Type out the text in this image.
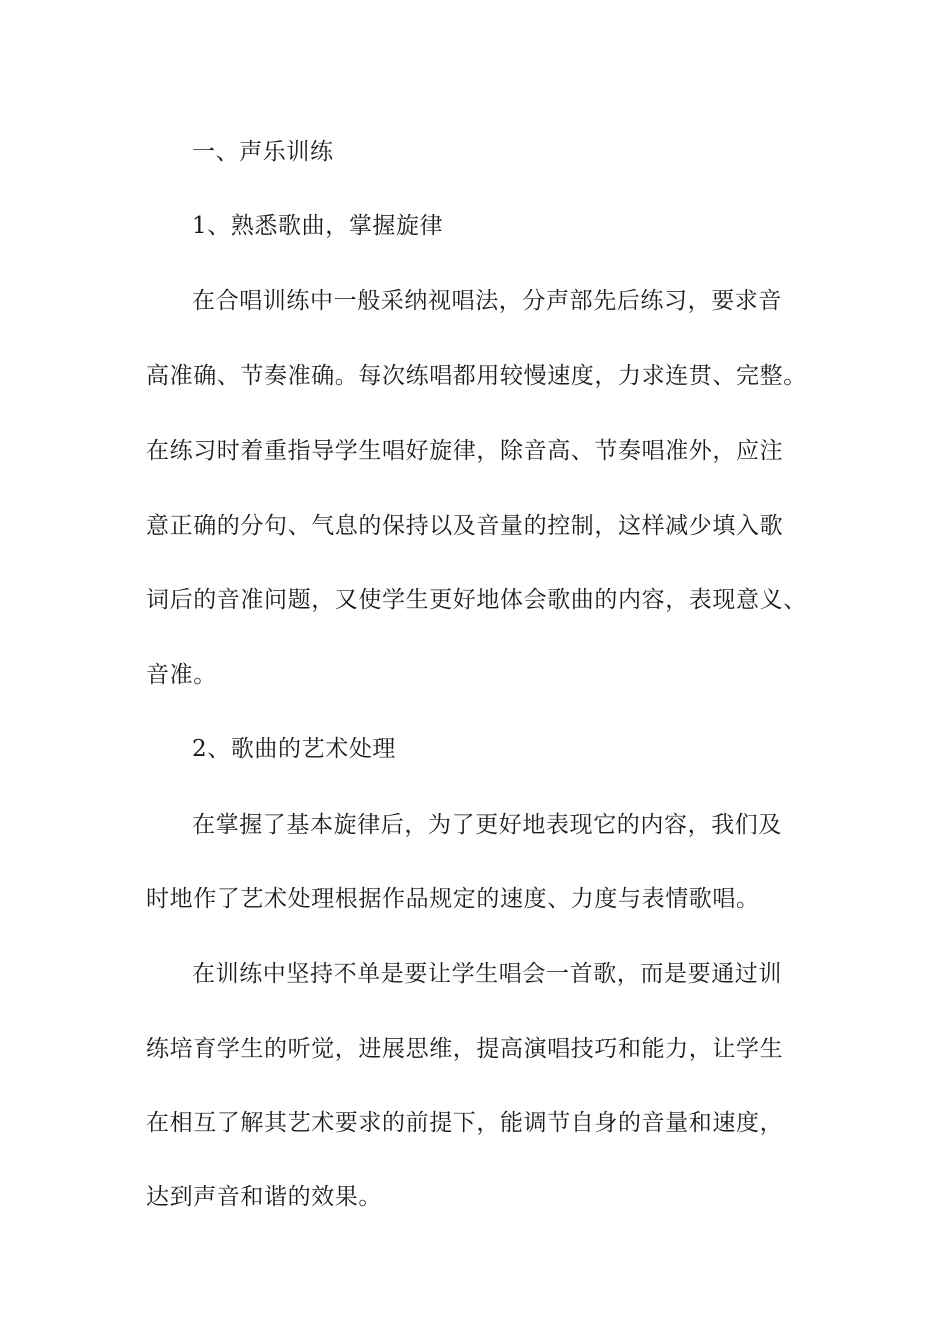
一、声乐训练
1、熟悉歌曲，掌握旋律
在合唱训练中一般采纳视唱法，分声部先后练习，要求音
高准确、节奏准确。每次练唱都用较慢速度，力求连贯、完整。
在练习时着重指导学生唱好旋律，除音高、节奏唱准外，应注
意正确的分句、气息的保持以及音量的控制，这样减少填入歌
词后的音准问题，又使学生更好地体会歌曲的内容，表现意义、
音准。
2、歌曲的艺术处理
在掌握了基本旋律后，为了更好地表现它的内容，我们及
时地作了艺术处理根据作品规定的速度、力度与表情歌唱。
在训练中坚持不单是要让学生唱会一首歌，而是要通过训
练培育学生的听觉，进展思维，提高演唱技巧和能力，让学生
在相互了解其艺术要求的前提下，能调节自身的音量和速度，
达到声音和谐的效果。
